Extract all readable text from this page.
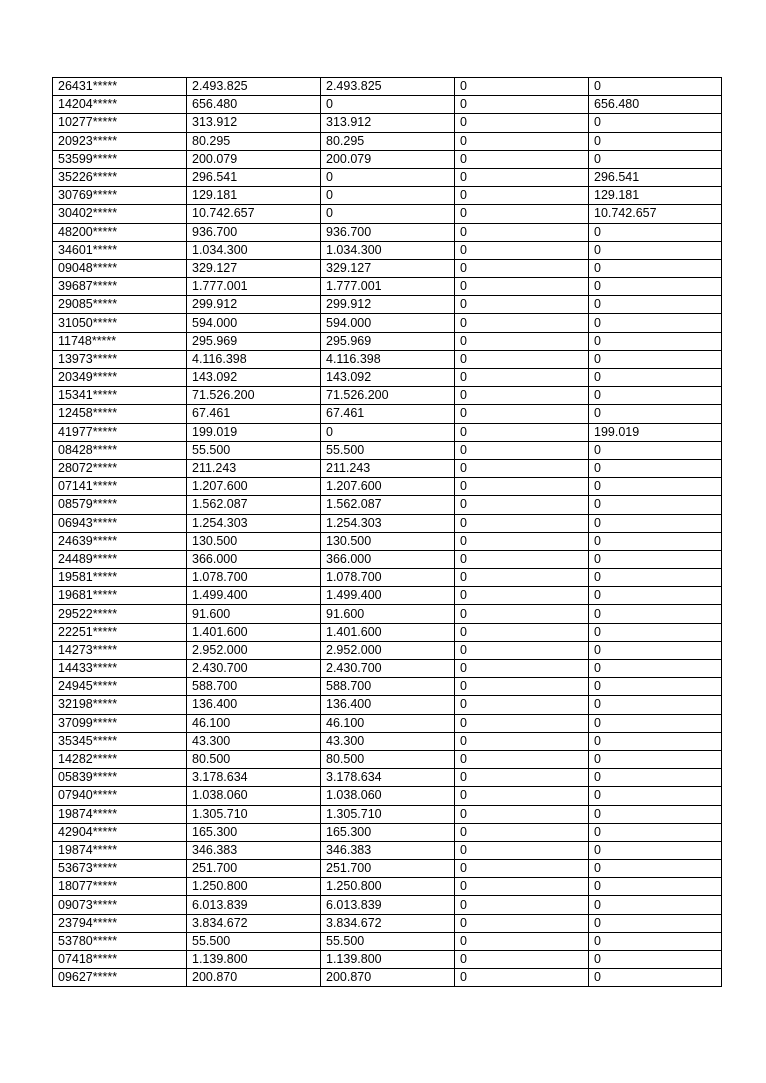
26431*****	2.493.825	2.493.825	0	0
14204*****	656.480	0	0	656.480
10277*****	313.912	313.912	0	0
20923*****	80.295	80.295	0	0
53599*****	200.079	200.079	0	0
35226*****	296.541	0	0	296.541
30769*****	129.181	0	0	129.181
30402*****	10.742.657	0	0	10.742.657
48200*****	936.700	936.700	0	0
34601*****	1.034.300	1.034.300	0	0
09048*****	329.127	329.127	0	0
39687*****	1.777.001	1.777.001	0	0
29085*****	299.912	299.912	0	0
31050*****	594.000	594.000	0	0
11748*****	295.969	295.969	0	0
13973*****	4.116.398	4.116.398	0	0
20349*****	143.092	143.092	0	0
15341*****	71.526.200	71.526.200	0	0
12458*****	67.461	67.461	0	0
41977*****	199.019	0	0	199.019
08428*****	55.500	55.500	0	0
28072*****	211.243	211.243	0	0
07141*****	1.207.600	1.207.600	0	0
08579*****	1.562.087	1.562.087	0	0
06943*****	1.254.303	1.254.303	0	0
24639*****	130.500	130.500	0	0
24489*****	366.000	366.000	0	0
19581*****	1.078.700	1.078.700	0	0
19681*****	1.499.400	1.499.400	0	0
29522*****	91.600	91.600	0	0
22251*****	1.401.600	1.401.600	0	0
14273*****	2.952.000	2.952.000	0	0
14433*****	2.430.700	2.430.700	0	0
24945*****	588.700	588.700	0	0
32198*****	136.400	136.400	0	0
37099*****	46.100	46.100	0	0
35345*****	43.300	43.300	0	0
14282*****	80.500	80.500	0	0
05839*****	3.178.634	3.178.634	0	0
07940*****	1.038.060	1.038.060	0	0
19874*****	1.305.710	1.305.710	0	0
42904*****	165.300	165.300	0	0
19874*****	346.383	346.383	0	0
53673*****	251.700	251.700	0	0
18077*****	1.250.800	1.250.800	0	0
09073*****	6.013.839	6.013.839	0	0
23794*****	3.834.672	3.834.672	0	0
53780*****	55.500	55.500	0	0
07418*****	1.139.800	1.139.800	0	0
09627*****	200.870	200.870	0	0
